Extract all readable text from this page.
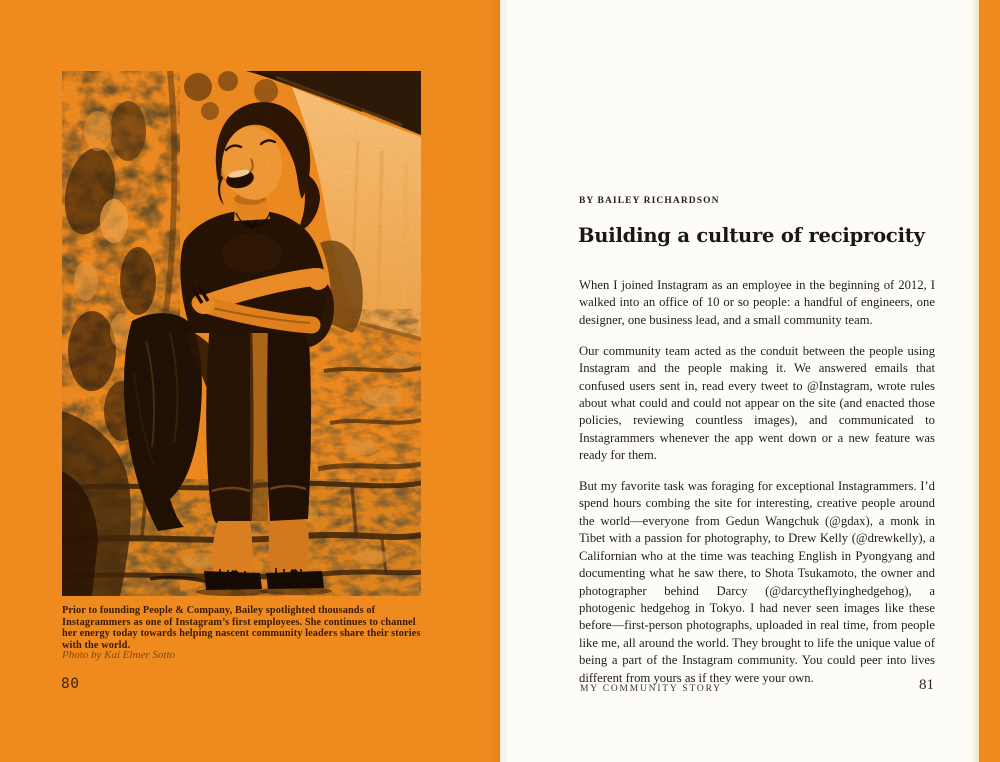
Prior to founding People & Company, Bailey spotlighted thousands of Instagrammers as one of Instagram’s first employees. She continues to channel her energy today towards helping nascent community leaders share their stories with the world.

Photo by Kai Elmer Sotto

80
BY BAILEY RICHARDSON
Building a culture of reciprocity

When I joined Instagram as an employee in the beginning of 2012, I walked into an office of 10 or so people: a handful of engineers, one designer, one business lead, and a small community team.

Our community team acted as the conduit between the people using Instagram and the people making it. We answered emails that confused users sent in, read every tweet to @Instagram, wrote rules about what could and could not appear on the site (and enacted those policies, reviewing countless images), and communicated to Instagrammers whenever the app went down or a new feature was ready for them.

But my favorite task was foraging for exceptional Instagrammers. I’d spend hours combing the site for interesting, creative people around the world—everyone from Gedun Wangchuk (@gdax), a monk in Tibet with a passion for photography, to Drew Kelly (@drewkelly), a Californian who at the time was teaching English in Pyongyang and documenting what he saw there, to Shota Tsukamoto, the owner and photographer behind Darcy (@darcytheflyinghedgehog), a photogenic hedgehog in Tokyo. I had never seen images like these before—first-person photographs, uploaded in real time, from people like me, all around the world. They brought to life the unique value of being a part of the Instagram community. You could peer into lives different from yours as if they were your own.

MY COMMUNITY STORY	81
